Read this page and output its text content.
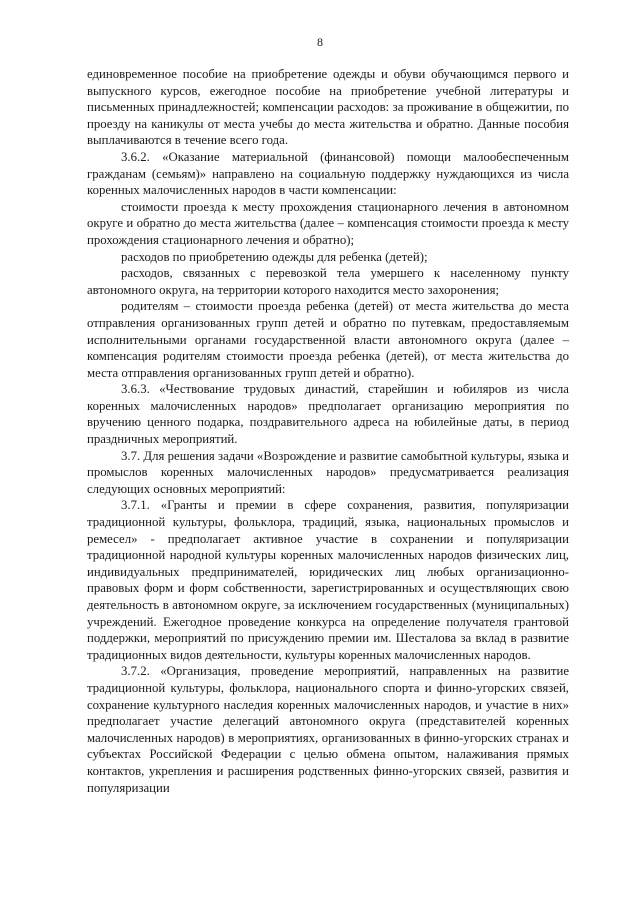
8

единовременное пособие на приобретение одежды и обуви обучающимся первого и выпускного курсов, ежегодное пособие на приобретение учебной литературы и письменных принадлежностей; компенсации расходов: за проживание в общежитии, по проезду на каникулы от места учебы до места жительства и обратно. Данные пособия выплачиваются в течение всего года.

3.6.2. «Оказание материальной (финансовой) помощи малообеспеченным гражданам (семьям)» направлено на социальную поддержку нуждающихся из числа коренных малочисленных народов в части компенсации:

стоимости проезда к месту прохождения стационарного лечения в автономном округе и обратно до места жительства (далее – компенсация стоимости проезда к месту прохождения стационарного лечения и обратно);

расходов по приобретению одежды для ребенка (детей);

расходов, связанных с перевозкой тела умершего к населенному пункту автономного округа, на территории которого находится место захоронения;

родителям – стоимости проезда ребенка (детей) от места жительства до места отправления организованных групп детей и обратно по путевкам, предоставляемым исполнительными органами государственной власти автономного округа (далее – компенсация родителям стоимости проезда ребенка (детей), от места жительства до места отправления организованных групп детей и обратно).

3.6.3. «Чествование трудовых династий, старейшин и юбиляров из числа коренных малочисленных народов» предполагает организацию мероприятия по вручению ценного подарка, поздравительного адреса на юбилейные даты, в период праздничных мероприятий.

3.7. Для решения задачи «Возрождение и развитие самобытной культуры, языка и промыслов коренных малочисленных народов» предусматривается реализация следующих основных мероприятий:

3.7.1. «Гранты и премии в сфере сохранения, развития, популяризации традиционной культуры, фольклора, традиций, языка, национальных промыслов и ремесел» - предполагает активное участие в сохранении и популяризации традиционной народной культуры коренных малочисленных народов физических лиц, индивидуальных предпринимателей, юридических лиц любых организационно-правовых форм и форм собственности, зарегистрированных и осуществляющих свою деятельность в автономном округе, за исключением государственных (муниципальных) учреждений. Ежегодное проведение конкурса на определение получателя грантовой поддержки, мероприятий по присуждению премии им. Шесталова за вклад в развитие традиционных видов деятельности, культуры коренных малочисленных народов.

3.7.2. «Организация, проведение мероприятий, направленных на развитие традиционной культуры, фольклора, национального спорта и финно-угорских связей, сохранение культурного наследия коренных малочисленных народов, и участие в них» предполагает участие делегаций автономного округа (представителей коренных малочисленных народов) в мероприятиях, организованных в финно-угорских странах и субъектах Российской Федерации с целью обмена опытом, налаживания прямых контактов, укрепления и расширения родственных финно-угорских связей, развития и популяризации
